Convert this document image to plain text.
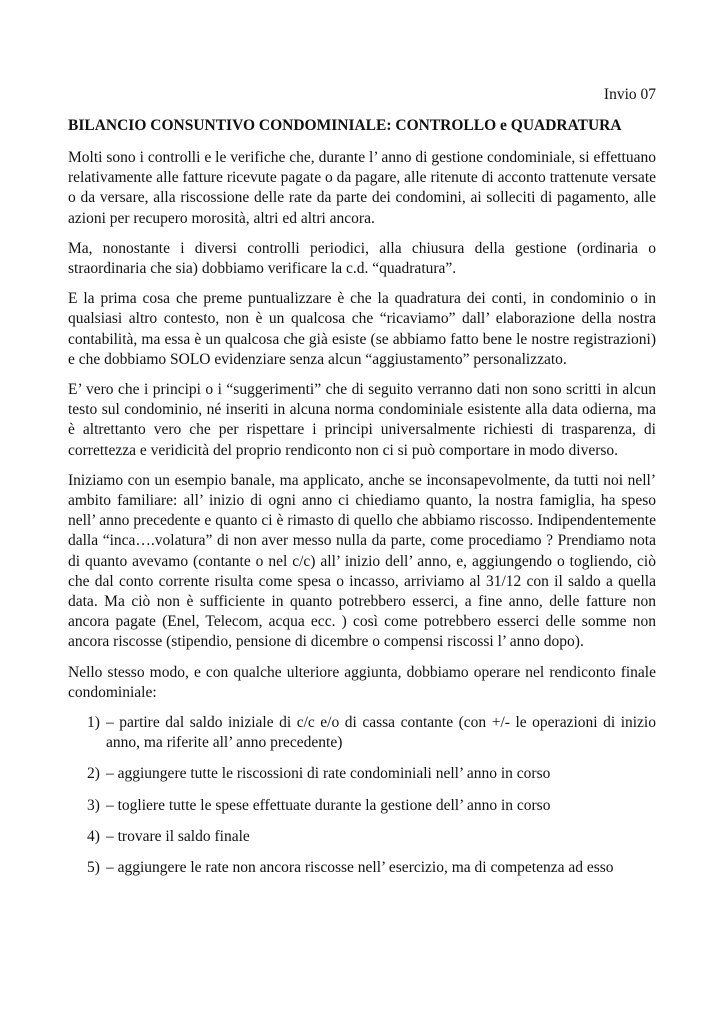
Invio 07
BILANCIO CONSUNTIVO CONDOMINIALE: CONTROLLO e QUADRATURA

Molti sono i controlli e le verifiche che, durante l’ anno di gestione condominiale, si effettuano relativamente alle fatture ricevute pagate o da pagare, alle ritenute di acconto trattenute versate o da versare, alla riscossione delle rate da parte dei condomini, ai solleciti di pagamento, alle azioni per recupero morosità, altri ed altri ancora.

Ma, nonostante i diversi controlli periodici, alla chiusura della gestione (ordinaria o straordinaria che sia) dobbiamo verificare la c.d. “quadratura”.

E la prima cosa che preme puntualizzare è che la quadratura dei conti, in condominio o in qualsiasi altro contesto, non è un qualcosa che “ricaviamo” dall’ elaborazione della nostra contabilità, ma essa è un qualcosa che già esiste (se abbiamo fatto bene le nostre registrazioni) e che dobbiamo SOLO evidenziare senza alcun “aggiustamento” personalizzato.

E’ vero che i principi o i “suggerimenti” che di seguito verranno dati non sono scritti in alcun testo sul condominio, né inseriti in alcuna norma condominiale esistente alla data odierna, ma è altrettanto vero che per rispettare i principi universalmente richiesti di trasparenza, di correttezza e veridicità del proprio rendiconto non ci si può comportare in modo diverso.

Iniziamo con un esempio banale, ma applicato, anche se inconsapevolmente, da tutti noi nell’ ambito familiare: all’ inizio di ogni anno ci chiediamo quanto, la nostra famiglia, ha speso nell’ anno precedente e quanto ci è rimasto di quello che abbiamo riscosso. Indipendentemente dalla “inca….volatura” di non aver messo nulla da parte, come procediamo ? Prendiamo nota di quanto avevamo (contante o nel c/c) all’ inizio dell’ anno, e, aggiungendo o togliendo, ciò che dal conto corrente risulta come spesa o incasso, arriviamo al 31/12 con il saldo a quella data. Ma ciò non è sufficiente in quanto potrebbero esserci, a fine anno, delle fatture non ancora pagate (Enel, Telecom, acqua ecc. ) così come potrebbero esserci delle somme non ancora riscosse (stipendio, pensione di dicembre o compensi riscossi l’ anno dopo).

Nello stesso modo, e con qualche ulteriore aggiunta, dobbiamo operare nel rendiconto finale condominiale:

1) – partire dal saldo iniziale di c/c e/o di cassa contante (con +/- le operazioni di inizio anno, ma riferite all’ anno precedente)
2) – aggiungere tutte le riscossioni di rate condominiali nell’ anno in corso
3) – togliere tutte le spese effettuate durante la gestione dell’ anno in corso
4) – trovare il saldo finale
5) – aggiungere le rate non ancora riscosse nell’ esercizio, ma di competenza ad esso
